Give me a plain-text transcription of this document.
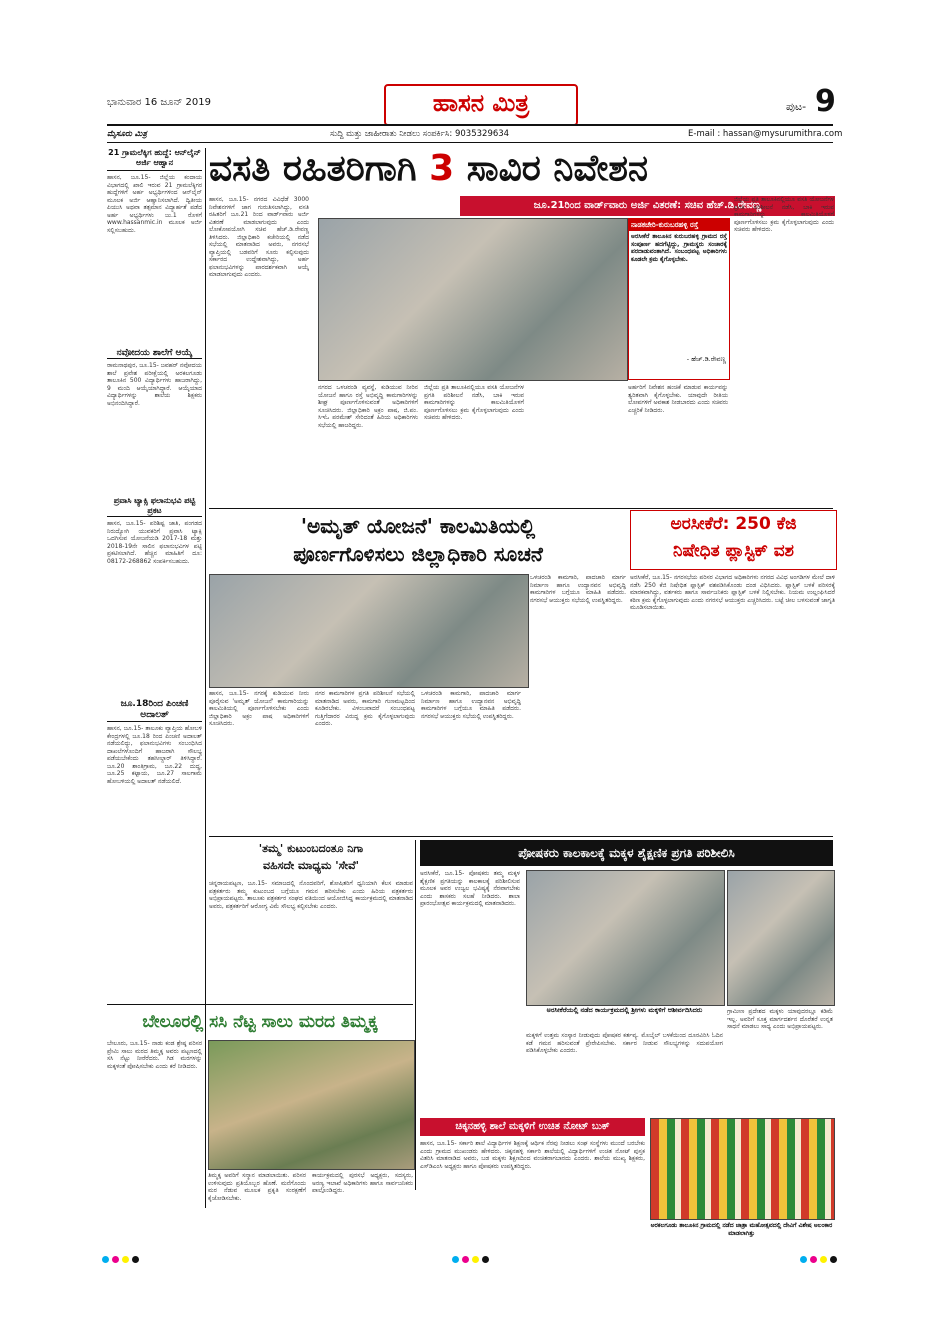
ಭಾನುವಾರ 16 ಜೂನ್ 2019	ಹಾಸನ ಮಿತ್ರ	ಪುಟ- 9
ಮೈಸೂರು ಮಿತ್ರ	ಸುದ್ದಿ ಮತ್ತು ಜಾಹೀರಾತು ನೀಡಲು ಸಂಪರ್ಕಿಸಿ: 9035329634	E-mail : hassan@mysurumithra.com
21 ಗ್ರಾಮಲೆಕ್ಕಿಗ ಹುದ್ದೆ: ಆನ್‌ಲೈನ್ ಅರ್ಜಿ ಆಹ್ವಾನ
ಹಾಸನ, ಜೂ.15- ಜಿಲ್ಲೆಯ ಕಂದಾಯ ವಿಭಾಗದಲ್ಲಿ ಖಾಲಿ ಇರುವ 21 ಗ್ರಾಮಲೆಕ್ಕಿಗರ ಹುದ್ದೆಗಳಿಗೆ ಅರ್ಹ ಅಭ್ಯರ್ಥಿಗಳಿಂದ ಆನ್‌ಲೈನ್ ಮೂಲಕ ಅರ್ಜಿ ಆಹ್ವಾನಿಸಲಾಗಿದೆ. ದ್ವಿತೀಯ ಪಿಯುಸಿ ಅಥವಾ ತತ್ಸಮಾನ ವಿದ್ಯಾರ್ಹತೆ ಪಡೆದ ಅರ್ಹ ಅಭ್ಯರ್ಥಿಗಳು ಜು.1 ರೊಳಗೆ www.hassanmic.in ಮೂಲಕ ಅರ್ಜಿ ಸಲ್ಲಿಸಬಹುದು.
ನವೋದಯ ಶಾಲೆಗೆ ಆಯ್ಕೆ
ರಾಮನಾಥಪುರ, ಜೂ.15- ಜವಹರ್ ನವೋದಯ ಶಾಲೆ ಪ್ರವೇಶ ಪರೀಕ್ಷೆಯಲ್ಲಿ ಅರಕಲಗೂಡು ತಾಲೂಕಿನ 500 ವಿದ್ಯಾರ್ಥಿಗಳು ಹಾಜರಾಗಿದ್ದು, 9 ಮಂದಿ ಆಯ್ಕೆಯಾಗಿದ್ದಾರೆ. ಆಯ್ಕೆಯಾದ ವಿದ್ಯಾರ್ಥಿಗಳನ್ನು ಶಾಲೆಯ ಶಿಕ್ಷಕರು ಅಭಿನಂದಿಸಿದ್ದಾರೆ.
ಪ್ರವಾಸಿ ಟ್ಯಾಕ್ಸಿ ಫಲಾನುಭವಿ ಪಟ್ಟಿ ಪ್ರಕಟ
ಹಾಸನ, ಜೂ.15- ಪರಿಶಿಷ್ಟ ಜಾತಿ, ಪಂಗಡದ ನಿರುದ್ಯೋಗಿ ಯುವಕರಿಗೆ ಪ್ರವಾಸಿ ಟ್ಯಾಕ್ಸಿ ಒದಗಿಸುವ ಯೋಜನೆಯಡಿ 2017-18 ಮತ್ತು 2018-19ನೇ ಸಾಲಿನ ಫಲಾನುಭವಿಗಳ ಪಟ್ಟಿ ಪ್ರಕಟಿಸಲಾಗಿದೆ. ಹೆಚ್ಚಿನ ಮಾಹಿತಿಗೆ ದೂ: 08172-268862 ಸಂಪರ್ಕಿಸಬಹುದು.
ಜೂ.18ರಿಂದ ಪಿಂಚಣಿ ಅದಾಲತ್
ಹಾಸನ, ಜೂ.15- ತಾಲೂಕು ವ್ಯಾಪ್ತಿಯ ಹೋಬಳಿ ಕೇಂದ್ರಗಳಲ್ಲಿ ಜೂ.18 ರಿಂದ ಪಿಂಚಣಿ ಅದಾಲತ್ ನಡೆಯಲಿದ್ದು, ಫಲಾನುಭವಿಗಳು ಸಂಬಂಧಿಸಿದ ದಾಖಲೆಗಳೊಂದಿಗೆ ಹಾಜರಾಗಿ ಸೌಲಭ್ಯ ಪಡೆಯಬೇಕೆಂದು ತಹಸೀಲ್ದಾರ್ ತಿಳಿಸಿದ್ದಾರೆ. ಜೂ.20 ಶಾಂತಿಗ್ರಾಮ, ಜೂ.22 ದುದ್ದ, ಜೂ.25 ಕಟ್ಟಾಯ, ಜೂ.27 ಸಾಲಗಾಮೆ ಹೋಬಳಿಯಲ್ಲಿ ಅದಾಲತ್ ನಡೆಯಲಿದೆ.
ವಸತಿ ರಹಿತರಿಗಾಗಿ 3 ಸಾವಿರ ನಿವೇಶನ
ಜೂ.21ರಿಂದ ವಾರ್ಡ್‌ವಾರು ಅರ್ಜಿ ವಿತರಣೆ: ಸಚಿವ ಹೆಚ್.ಡಿ.ರೇವಣ್ಣ
ಹಾಸನ, ಜೂ.15- ನಗರದ ವಿವಿಧೆಡೆ 3000 ನಿವೇಶನಗಳಿಗೆ ಜಾಗ ಗುರುತಿಸಲಾಗಿದ್ದು, ವಸತಿ ರಹಿತರಿಗೆ ಜೂ.21 ರಿಂದ ವಾರ್ಡ್‌ವಾರು ಅರ್ಜಿ ವಿತರಣೆ ಮಾಡಲಾಗುವುದು ಎಂದು ಲೋಕೋಪಯೋಗಿ ಸಚಿವ ಹೆಚ್.ಡಿ.ರೇವಣ್ಣ ತಿಳಿಸಿದರು. ಜಿಲ್ಲಾಧಿಕಾರಿ ಕಚೇರಿಯಲ್ಲಿ ನಡೆದ ಸಭೆಯಲ್ಲಿ ಮಾತನಾಡಿದ ಅವರು, ನಗರಸಭೆ ವ್ಯಾಪ್ತಿಯಲ್ಲಿ ಬಡವರಿಗೆ ಸೂರು ಕಲ್ಪಿಸುವುದು ಸರ್ಕಾರದ ಉದ್ದೇಶವಾಗಿದ್ದು, ಅರ್ಹ ಫಲಾನುಭವಿಗಳನ್ನು ಪಾರದರ್ಶಕವಾಗಿ ಆಯ್ಕೆ ಮಾಡಲಾಗುವುದು ಎಂದರು.
ನಗರದ ಒಳಚರಂಡಿ ವ್ಯವಸ್ಥೆ, ಕುಡಿಯುವ ನೀರಿನ ಯೋಜನೆ ಹಾಗೂ ರಸ್ತೆ ಅಭಿವೃದ್ಧಿ ಕಾಮಗಾರಿಗಳನ್ನು ಶೀಘ್ರ ಪೂರ್ಣಗೊಳಿಸುವಂತೆ ಅಧಿಕಾರಿಗಳಿಗೆ ಸೂಚಿಸಿದರು. ಜಿಲ್ಲಾಧಿಕಾರಿ ಅಕ್ರಂ ಪಾಷ, ಜಿ.ಪಂ. ಸಿಇಓ ಪರಮೇಶ್ ಸೇರಿದಂತೆ ಹಿರಿಯ ಅಧಿಕಾರಿಗಳು ಸಭೆಯಲ್ಲಿ ಹಾಜರಿದ್ದರು.
ಜಿಲ್ಲೆಯ ಪ್ರತಿ ತಾಲೂಕಿನಲ್ಲಿಯೂ ವಸತಿ ಯೋಜನೆಗಳ ಪ್ರಗತಿ ಪರಿಶೀಲನೆ ನಡೆಸಿ, ಬಾಕಿ ಇರುವ ಕಾಮಗಾರಿಗಳನ್ನು ಕಾಲಮಿತಿಯೊಳಗೆ ಪೂರ್ಣಗೊಳಿಸಲು ಕ್ರಮ ಕೈಗೊಳ್ಳಲಾಗುವುದು ಎಂದು ಸಚಿವರು ಹೇಳಿದರು.
ನಾಡಕಚೇರಿ-ಕುರುಬರಹಳ್ಳಿ ರಸ್ತೆ
ಅರಸೀಕೆರೆ ತಾಲೂಕಿನ ಕುರುಬರಹಳ್ಳಿ ಗ್ರಾಮದ ರಸ್ತೆ ಸಂಪೂರ್ಣ ಹದಗೆಟ್ಟಿದ್ದು, ಗ್ರಾಮಸ್ಥರು ಸಂಚಾರಕ್ಕೆ ಪರದಾಡುವಂತಾಗಿದೆ. ಸಂಬಂಧಪಟ್ಟ ಅಧಿಕಾರಿಗಳು ಕೂಡಲೇ ಕ್ರಮ ಕೈಗೊಳ್ಳಬೇಕು.
- ಹೆಚ್.ಡಿ.ರೇವಣ್ಣ
ಅರ್ಹರಿಗೆ ನಿವೇಶನ ಹಂಚಿಕೆ ಮಾಡುವ ಕಾರ್ಯವನ್ನು ತ್ವರಿತವಾಗಿ ಕೈಗೊಳ್ಳಬೇಕು. ಯಾವುದೇ ರೀತಿಯ ಲೋಪಗಳಿಗೆ ಅವಕಾಶ ನೀಡಬಾರದು ಎಂದು ಸಚಿವರು ಎಚ್ಚರಿಕೆ ನೀಡಿದರು.
ಜಿಲ್ಲೆಯ ಪ್ರತಿ ತಾಲೂಕಿನಲ್ಲಿಯೂ ವಸತಿ ಯೋಜನೆಗಳ ಪ್ರಗತಿ ಪರಿಶೀಲನೆ ನಡೆಸಿ, ಬಾಕಿ ಇರುವ ಕಾಮಗಾರಿಗಳನ್ನು ಕಾಲಮಿತಿಯೊಳಗೆ ಪೂರ್ಣಗೊಳಿಸಲು ಕ್ರಮ ಕೈಗೊಳ್ಳಲಾಗುವುದು ಎಂದು ಸಚಿವರು ಹೇಳಿದರು.
'ಅಮೃತ್ ಯೋಜನೆ' ಕಾಲಮಿತಿಯಲ್ಲಿ
ಪೂರ್ಣಗೊಳಿಸಲು ಜಿಲ್ಲಾಧಿಕಾರಿ ಸೂಚನೆ
ಒಳಚರಂಡಿ ಕಾಮಗಾರಿ, ಪಾದಚಾರಿ ಮಾರ್ಗ ನಿರ್ಮಾಣ ಹಾಗೂ ಉದ್ಯಾನವನ ಅಭಿವೃದ್ಧಿ ಕಾಮಗಾರಿಗಳ ಬಗ್ಗೆಯೂ ಮಾಹಿತಿ ಪಡೆದರು. ನಗರಸಭೆ ಆಯುಕ್ತರು ಸಭೆಯಲ್ಲಿ ಉಪಸ್ಥಿತರಿದ್ದರು.
ಹಾಸನ, ಜೂ.15- ನಗರಕ್ಕೆ ಕುಡಿಯುವ ನೀರು ಪೂರೈಸುವ 'ಅಮೃತ್ ಯೋಜನೆ' ಕಾಮಗಾರಿಯನ್ನು ಕಾಲಮಿತಿಯಲ್ಲಿ ಪೂರ್ಣಗೊಳಿಸಬೇಕು ಎಂದು ಜಿಲ್ಲಾಧಿಕಾರಿ ಅಕ್ರಂ ಪಾಷ ಅಧಿಕಾರಿಗಳಿಗೆ ಸೂಚಿಸಿದರು.
ನಗರ ಕಾಮಗಾರಿಗಳ ಪ್ರಗತಿ ಪರಿಶೀಲನೆ ಸಭೆಯಲ್ಲಿ ಮಾತನಾಡಿದ ಅವರು, ಕಾಮಗಾರಿ ಗುಣಮಟ್ಟದಿಂದ ಕೂಡಿರಬೇಕು. ವಿಳಂಬವಾದರೆ ಸಂಬಂಧಪಟ್ಟ ಗುತ್ತಿಗೆದಾರರ ವಿರುದ್ಧ ಕ್ರಮ ಕೈಗೊಳ್ಳಲಾಗುವುದು ಎಂದರು.
ಒಳಚರಂಡಿ ಕಾಮಗಾರಿ, ಪಾದಚಾರಿ ಮಾರ್ಗ ನಿರ್ಮಾಣ ಹಾಗೂ ಉದ್ಯಾನವನ ಅಭಿವೃದ್ಧಿ ಕಾಮಗಾರಿಗಳ ಬಗ್ಗೆಯೂ ಮಾಹಿತಿ ಪಡೆದರು. ನಗರಸಭೆ ಆಯುಕ್ತರು ಸಭೆಯಲ್ಲಿ ಉಪಸ್ಥಿತರಿದ್ದರು.
ಅರಸೀಕೆರೆ: 250 ಕೆಜಿ
ನಿಷೇಧಿತ ಪ್ಲಾಸ್ಟಿಕ್ ವಶ
ಅರಸೀಕೆರೆ, ಜೂ.15- ನಗರಸಭೆಯ ಪರಿಸರ ವಿಭಾಗದ ಅಧಿಕಾರಿಗಳು ನಗರದ ವಿವಿಧ ಅಂಗಡಿಗಳ ಮೇಲೆ ದಾಳಿ ನಡೆಸಿ 250 ಕೆಜಿ ನಿಷೇಧಿತ ಪ್ಲಾಸ್ಟಿಕ್ ವಶಪಡಿಸಿಕೊಂಡು ದಂಡ ವಿಧಿಸಿದರು. ಪ್ಲಾಸ್ಟಿಕ್ ಬಳಕೆ ಪರಿಸರಕ್ಕೆ ಮಾರಕವಾಗಿದ್ದು, ವರ್ತಕರು ಹಾಗೂ ಸಾರ್ವಜನಿಕರು ಪ್ಲಾಸ್ಟಿಕ್ ಬಳಕೆ ನಿಲ್ಲಿಸಬೇಕು. ನಿಯಮ ಉಲ್ಲಂಘಿಸಿದರೆ ಕಠಿಣ ಕ್ರಮ ಕೈಗೊಳ್ಳಲಾಗುವುದು ಎಂದು ನಗರಸಭೆ ಆಯುಕ್ತರು ಎಚ್ಚರಿಸಿದರು. ಬಟ್ಟೆ ಚೀಲ ಬಳಸುವಂತೆ ಜಾಗೃತಿ ಮೂಡಿಸಲಾಯಿತು.
'ತಮ್ಮ' ಕುಟುಂಬದಂತೂ ನಿಗಾ
ವಹಿಸದೇ ಮಾಧ್ಯಮ 'ಸೇವೆ'
ಚನ್ನರಾಯಪಟ್ಟಣ, ಜೂ.15- ಸಮಾಜದಲ್ಲಿ ನೊಂದವರಿಗೆ, ಶೋಷಿತರಿಗೆ ಧ್ವನಿಯಾಗಿ ಕೆಲಸ ಮಾಡುವ ಪತ್ರಕರ್ತರು ತಮ್ಮ ಕುಟುಂಬದ ಬಗ್ಗೆಯೂ ಗಮನ ಹರಿಸಬೇಕು ಎಂದು ಹಿರಿಯ ಪತ್ರಕರ್ತರು ಅಭಿಪ್ರಾಯಪಟ್ಟರು. ತಾಲೂಕು ಪತ್ರಕರ್ತರ ಸಂಘದ ವತಿಯಿಂದ ಆಯೋಜಿಸಿದ್ದ ಕಾರ್ಯಕ್ರಮದಲ್ಲಿ ಮಾತನಾಡಿದ ಅವರು, ಪತ್ರಕರ್ತರಿಗೆ ಆರೋಗ್ಯ ವಿಮೆ ಸೌಲಭ್ಯ ಕಲ್ಪಿಸಬೇಕು ಎಂದರು.
ಪೋಷಕರು ಕಾಲಕಾಲಕ್ಕೆ ಮಕ್ಕಳ ಶೈಕ್ಷಣಿಕ ಪ್ರಗತಿ ಪರಿಶೀಲಿಸಿ
ಅರಸೀಕೆರೆ, ಜೂ.15- ಪೋಷಕರು ತಮ್ಮ ಮಕ್ಕಳ ಶೈಕ್ಷಣಿಕ ಪ್ರಗತಿಯನ್ನು ಕಾಲಕಾಲಕ್ಕೆ ಪರಿಶೀಲಿಸುವ ಮೂಲಕ ಅವರ ಉಜ್ವಲ ಭವಿಷ್ಯಕ್ಕೆ ನೆರವಾಗಬೇಕು ಎಂದು ಶಾಸಕರು ಸಲಹೆ ನೀಡಿದರು. ಶಾಲಾ ಪ್ರಾರಂಭೋತ್ಸವ ಕಾರ್ಯಕ್ರಮದಲ್ಲಿ ಮಾತನಾಡಿದರು.
ಅರಸೀಕೆರೆಯಲ್ಲಿ ನಡೆದ ಕಾರ್ಯಕ್ರಮದಲ್ಲಿ ಶ್ರೀಗಳು ಮಕ್ಕಳಿಗೆ ಆಶೀರ್ವದಿಸಿದರು
ಮಕ್ಕಳಿಗೆ ಉತ್ತಮ ಸಂಸ್ಕಾರ ನೀಡುವುದು ಪೋಷಕರ ಕರ್ತವ್ಯ. ಮೊಬೈಲ್ ಬಳಕೆಯಿಂದ ದೂರವಿರಿಸಿ ಓದಿನ ಕಡೆ ಗಮನ ಹರಿಸುವಂತೆ ಪ್ರೇರೇಪಿಸಬೇಕು. ಸರ್ಕಾರ ನೀಡುವ ಸೌಲಭ್ಯಗಳನ್ನು ಸದುಪಯೋಗ ಪಡಿಸಿಕೊಳ್ಳಬೇಕು ಎಂದರು.
ಗ್ರಾಮೀಣ ಪ್ರದೇಶದ ಮಕ್ಕಳು ಯಾವುದರಲ್ಲೂ ಕಡಿಮೆ ಇಲ್ಲ. ಅವರಿಗೆ ಸೂಕ್ತ ಮಾರ್ಗದರ್ಶನ ದೊರೆತರೆ ಉನ್ನತ ಸಾಧನೆ ಮಾಡಲು ಸಾಧ್ಯ ಎಂದು ಅಭಿಪ್ರಾಯಪಟ್ಟರು.
ಚಿಕ್ಕನಹಳ್ಳಿ ಶಾಲೆ ಮಕ್ಕಳಿಗೆ ಉಚಿತ ನೋಟ್ ಬುಕ್
ಹಾಸನ, ಜೂ.15- ಸರ್ಕಾರಿ ಶಾಲೆ ವಿದ್ಯಾರ್ಥಿಗಳ ಶಿಕ್ಷಣಕ್ಕೆ ಆರ್ಥಿಕ ನೆರವು ನೀಡಲು ಸಂಘ ಸಂಸ್ಥೆಗಳು ಮುಂದೆ ಬರಬೇಕು ಎಂದು ಗ್ರಾಮದ ಮುಖಂಡರು ಹೇಳಿದರು. ಚಿಕ್ಕನಹಳ್ಳಿ ಸರ್ಕಾರಿ ಶಾಲೆಯಲ್ಲಿ ವಿದ್ಯಾರ್ಥಿಗಳಿಗೆ ಉಚಿತ ನೋಟ್ ಪುಸ್ತಕ ವಿತರಿಸಿ ಮಾತನಾಡಿದ ಅವರು, ಬಡ ಮಕ್ಕಳು ಶಿಕ್ಷಣದಿಂದ ವಂಚಿತರಾಗಬಾರದು ಎಂದರು. ಶಾಲೆಯ ಮುಖ್ಯ ಶಿಕ್ಷಕರು, ಎಸ್‌ಡಿಎಂಸಿ ಅಧ್ಯಕ್ಷರು ಹಾಗೂ ಪೋಷಕರು ಉಪಸ್ಥಿತರಿದ್ದರು.
ಅರಕಲಗೂಡು ತಾಲೂಕಿನ ಗ್ರಾಮದಲ್ಲಿ ನಡೆದ ಜಾತ್ರಾ ಮಹೋತ್ಸವದಲ್ಲಿ ದೇವಿಗೆ ವಿಶೇಷ ಅಲಂಕಾರ ಮಾಡಲಾಗಿತ್ತು
ಬೇಲೂರಲ್ಲಿ ಸಸಿ ನೆಟ್ಟ ಸಾಲು ಮರದ ತಿಮ್ಮಕ್ಕ
ಬೇಲೂರು, ಜೂ.15- ನಾಡು ಕಂಡ ಶ್ರೇಷ್ಠ ಪರಿಸರ ಪ್ರೇಮಿ ಸಾಲು ಮರದ ತಿಮ್ಮಕ್ಕ ಅವರು ಪಟ್ಟಣದಲ್ಲಿ ಸಸಿ ನೆಟ್ಟು ನೀರೆರೆದರು. ಗಿಡ ಮರಗಳನ್ನು ಮಕ್ಕಳಂತೆ ಪೋಷಿಸಬೇಕು ಎಂದು ಕರೆ ನೀಡಿದರು.
ತಿಮ್ಮಕ್ಕ ಅವರಿಗೆ ಸನ್ಮಾನ ಮಾಡಲಾಯಿತು. ಪರಿಸರ ಉಳಿಸುವುದು ಪ್ರತಿಯೊಬ್ಬರ ಹೊಣೆ. ಮನೆಗೊಂದು ಮರ ನೆಡುವ ಮೂಲಕ ಪ್ರಕೃತಿ ಸಂರಕ್ಷಣೆಗೆ ಕೈಜೋಡಿಸಬೇಕು.
ಕಾರ್ಯಕ್ರಮದಲ್ಲಿ ಪುರಸಭೆ ಅಧ್ಯಕ್ಷರು, ಸದಸ್ಯರು, ಅರಣ್ಯ ಇಲಾಖೆ ಅಧಿಕಾರಿಗಳು ಹಾಗೂ ಸಾರ್ವಜನಿಕರು ಪಾಲ್ಗೊಂಡಿದ್ದರು.
